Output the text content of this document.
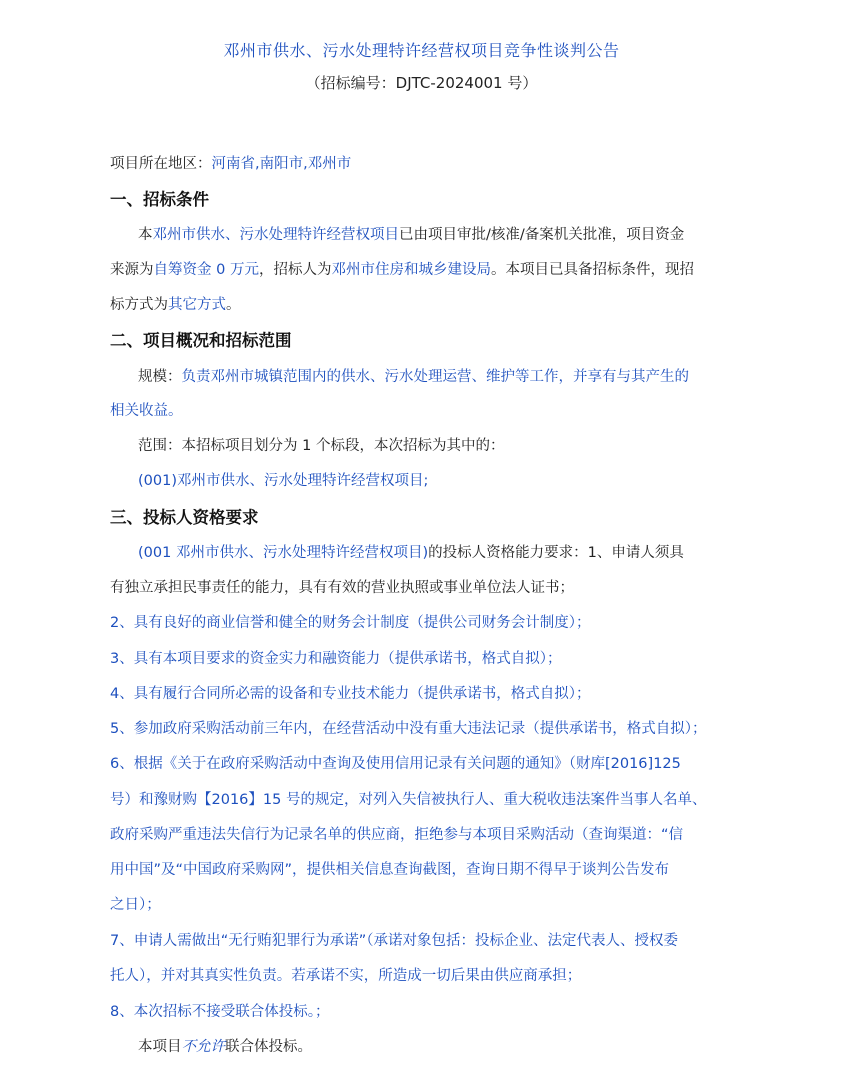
邓州市供水、污水处理特许经营权项目竞争性谈判公告
（招标编号：DJTC-2024001 号）
项目所在地区：河南省,南阳市,邓州市
一、招标条件
本邓州市供水、污水处理特许经营权项目已由项目审批/核准/备案机关批准，项目资金
来源为自筹资金 0 万元，招标人为邓州市住房和城乡建设局。本项目已具备招标条件，现招
标方式为其它方式。
二、项目概况和招标范围
规模：负责邓州市城镇范围内的供水、污水处理运营、维护等工作，并享有与其产生的
相关收益。
范围：本招标项目划分为 1 个标段，本次招标为其中的：
(001)邓州市供水、污水处理特许经营权项目;
三、投标人资格要求
(001 邓州市供水、污水处理特许经营权项目)的投标人资格能力要求：1、申请人须具
有独立承担民事责任的能力，具有有效的营业执照或事业单位法人证书；
2、具有良好的商业信誉和健全的财务会计制度（提供公司财务会计制度）；
3、具有本项目要求的资金实力和融资能力（提供承诺书，格式自拟）；
4、具有履行合同所必需的设备和专业技术能力（提供承诺书，格式自拟）；
5、参加政府采购活动前三年内，在经营活动中没有重大违法记录（提供承诺书，格式自拟）；
6、根据《关于在政府采购活动中查询及使用信用记录有关问题的通知》（财库[2016]125
号）和豫财购【2016】15 号的规定，对列入失信被执行人、重大税收违法案件当事人名单、
政府采购严重违法失信行为记录名单的供应商，拒绝参与本项目采购活动（查询渠道：“信
用中国”及“中国政府采购网”，提供相关信息查询截图，查询日期不得早于谈判公告发布
之日）；
7、申请人需做出“无行贿犯罪行为承诺”（承诺对象包括：投标企业、法定代表人、授权委
托人），并对其真实性负责。若承诺不实，所造成一切后果由供应商承担；
8、本次招标不接受联合体投标。；
本项目不允许联合体投标。
